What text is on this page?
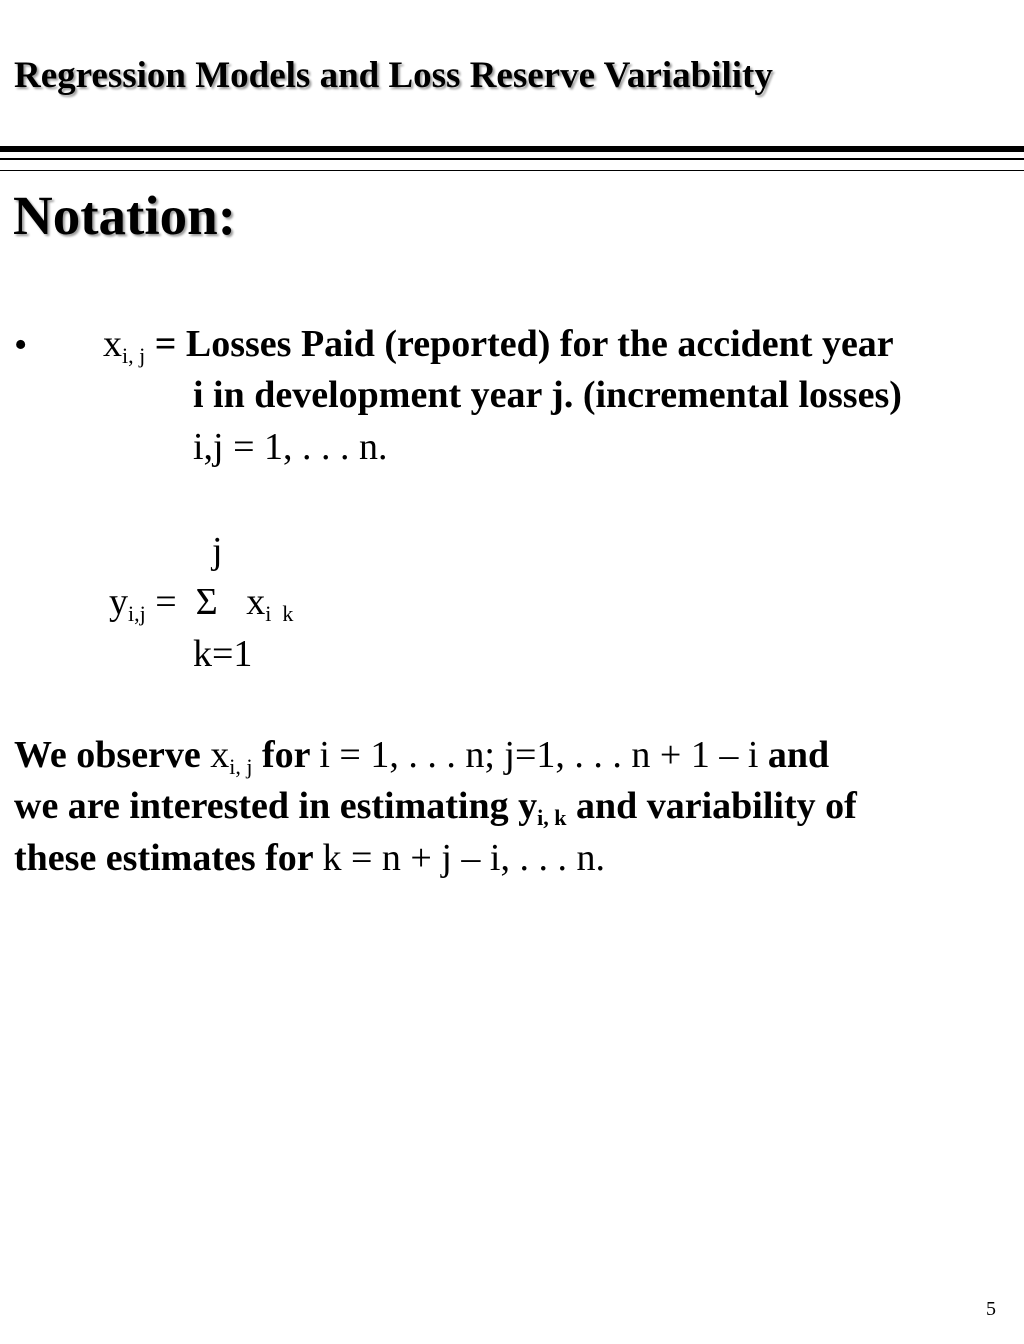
Regression Models and Loss Reserve Variability
Notation:
• $x_{i, j}$ = Losses Paid (reported) for the accident year
i in development year j. (incremental losses)
i,j = 1, . . . n.
j
$y_{i,j} = \Sigma$   $x_{i k}$
k=1
We observe $x_{i, j}$ for i = 1, . . . n; j=1, . . . n + 1 – i and
we are interested in estimating $y_{i, k}$ and variability of
these estimates for k = n + j – i, . . . n.
5
